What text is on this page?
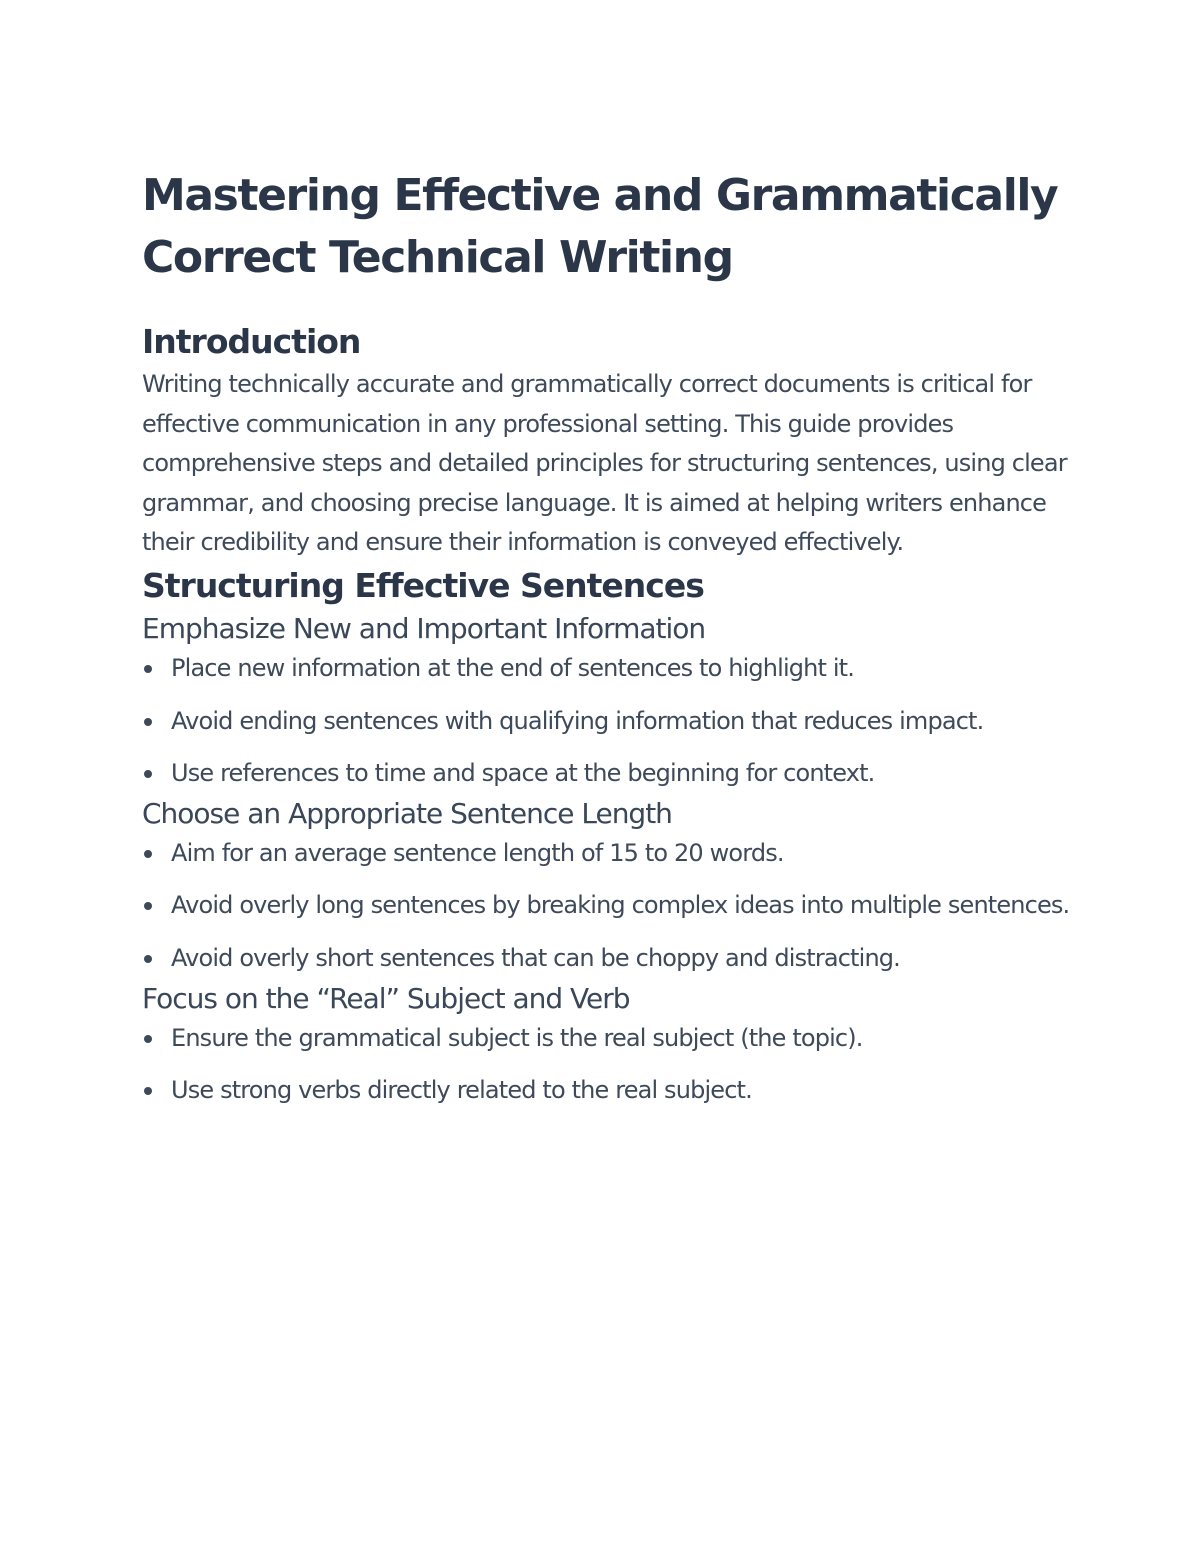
Mastering Effective and Grammatically Correct Technical Writing
Introduction

Writing technically accurate and grammatically correct documents is critical for effective communication in any professional setting. This guide provides comprehensive steps and detailed principles for structuring sentences, using clear grammar, and choosing precise language. It is aimed at helping writers enhance their credibility and ensure their information is conveyed effectively.

Structuring Effective Sentences
Emphasize New and Important Information
Place new information at the end of sentences to highlight it.
Avoid ending sentences with qualifying information that reduces impact.
Use references to time and space at the beginning for context.
Choose an Appropriate Sentence Length
Aim for an average sentence length of 15 to 20 words.
Avoid overly long sentences by breaking complex ideas into multiple sentences.
Avoid overly short sentences that can be choppy and distracting.
Focus on the “Real” Subject and Verb
Ensure the grammatical subject is the real subject (the topic).
Use strong verbs directly related to the real subject.
